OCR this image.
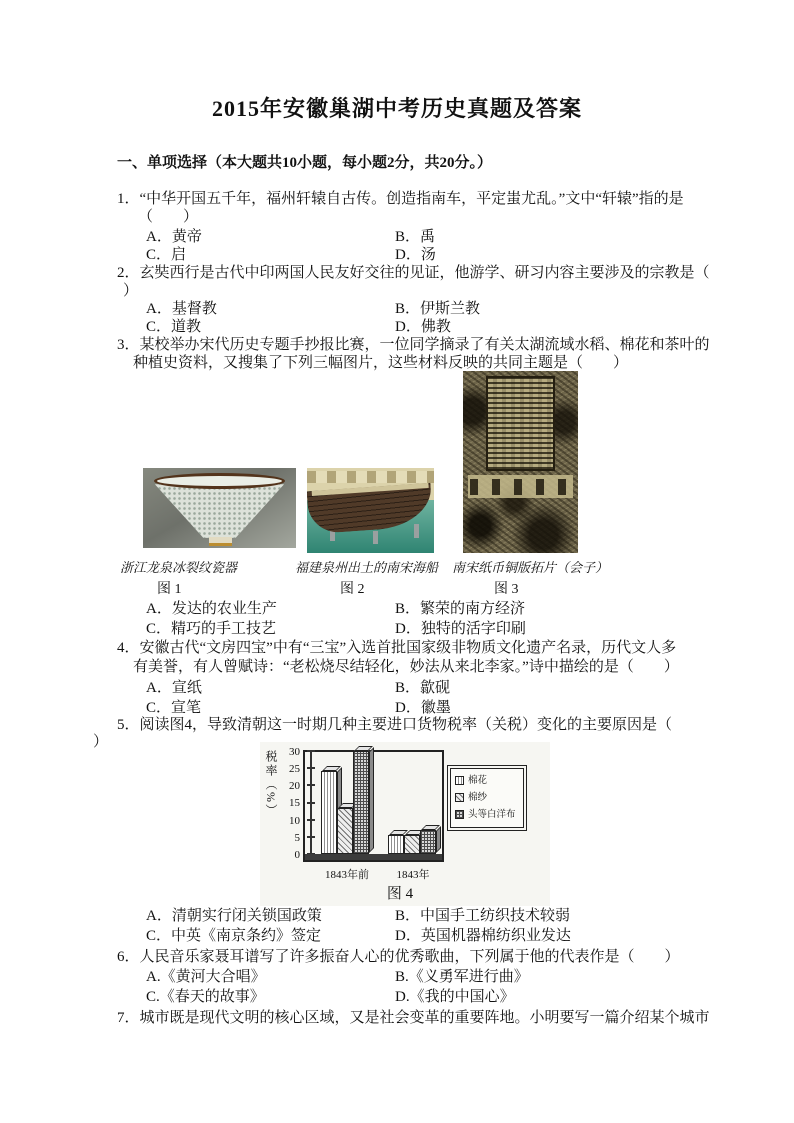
2015年安徽巢湖中考历史真题及答案
一、单项选择（本大题共10小题，每小题2分，共20分。）
1．“中华开国五千年，福州轩辕自古传。创造指南车，平定蚩尤乱。”文中“轩辕”指的是
（　　）
A．黄帝	B．禹
C．启	D．汤
2．玄奘西行是古代中印两国人民友好交往的见证，他游学、研习内容主要涉及的宗教是（
）
A．基督教	B．伊斯兰教
C．道教	D．佛教
3．某校举办宋代历史专题手抄报比赛，一位同学摘录了有关太湖流域水稻、棉花和茶叶的
种植史资料，又搜集了下列三幅图片，这些材料反映的共同主题是（　　）
浙江龙泉冰裂纹瓷器	福建泉州出土的南宋海船 南宋纸币铜版拓片（会子）
图 1	图 2	图 3
A．发达的农业生产	B．繁荣的南方经济
C．精巧的手工技艺	D．独特的活字印刷
4．安徽古代“文房四宝”中有“三宝”入选首批国家级非物质文化遗产名录，历代文人多
有美誉，有人曾赋诗：“老松烧尽结轻化，妙法从来北李家。”诗中描绘的是（　　）
A．宣纸	B．歙砚
C．宣笔	D．徽墨
5．阅读图4，导致清朝这一时期几种主要进口货物税率（关税）变化的主要原因是（
）
税率（%）	30
25
20
15
10
5
0
1843年前	1843年
棉花
棉纱
头等白洋布
图 4
A．清朝实行闭关锁国政策	B．中国手工纺织技术较弱
C．中英《南京条约》签定	D．英国机器棉纺织业发达
6．人民音乐家聂耳谱写了许多振奋人心的优秀歌曲，下列属于他的代表作是（　　）
A.《黄河大合唱》	B.《义勇军进行曲》
C.《春天的故事》	D.《我的中国心》
7．城市既是现代文明的核心区域，又是社会变革的重要阵地。小明要写一篇介绍某个城市
